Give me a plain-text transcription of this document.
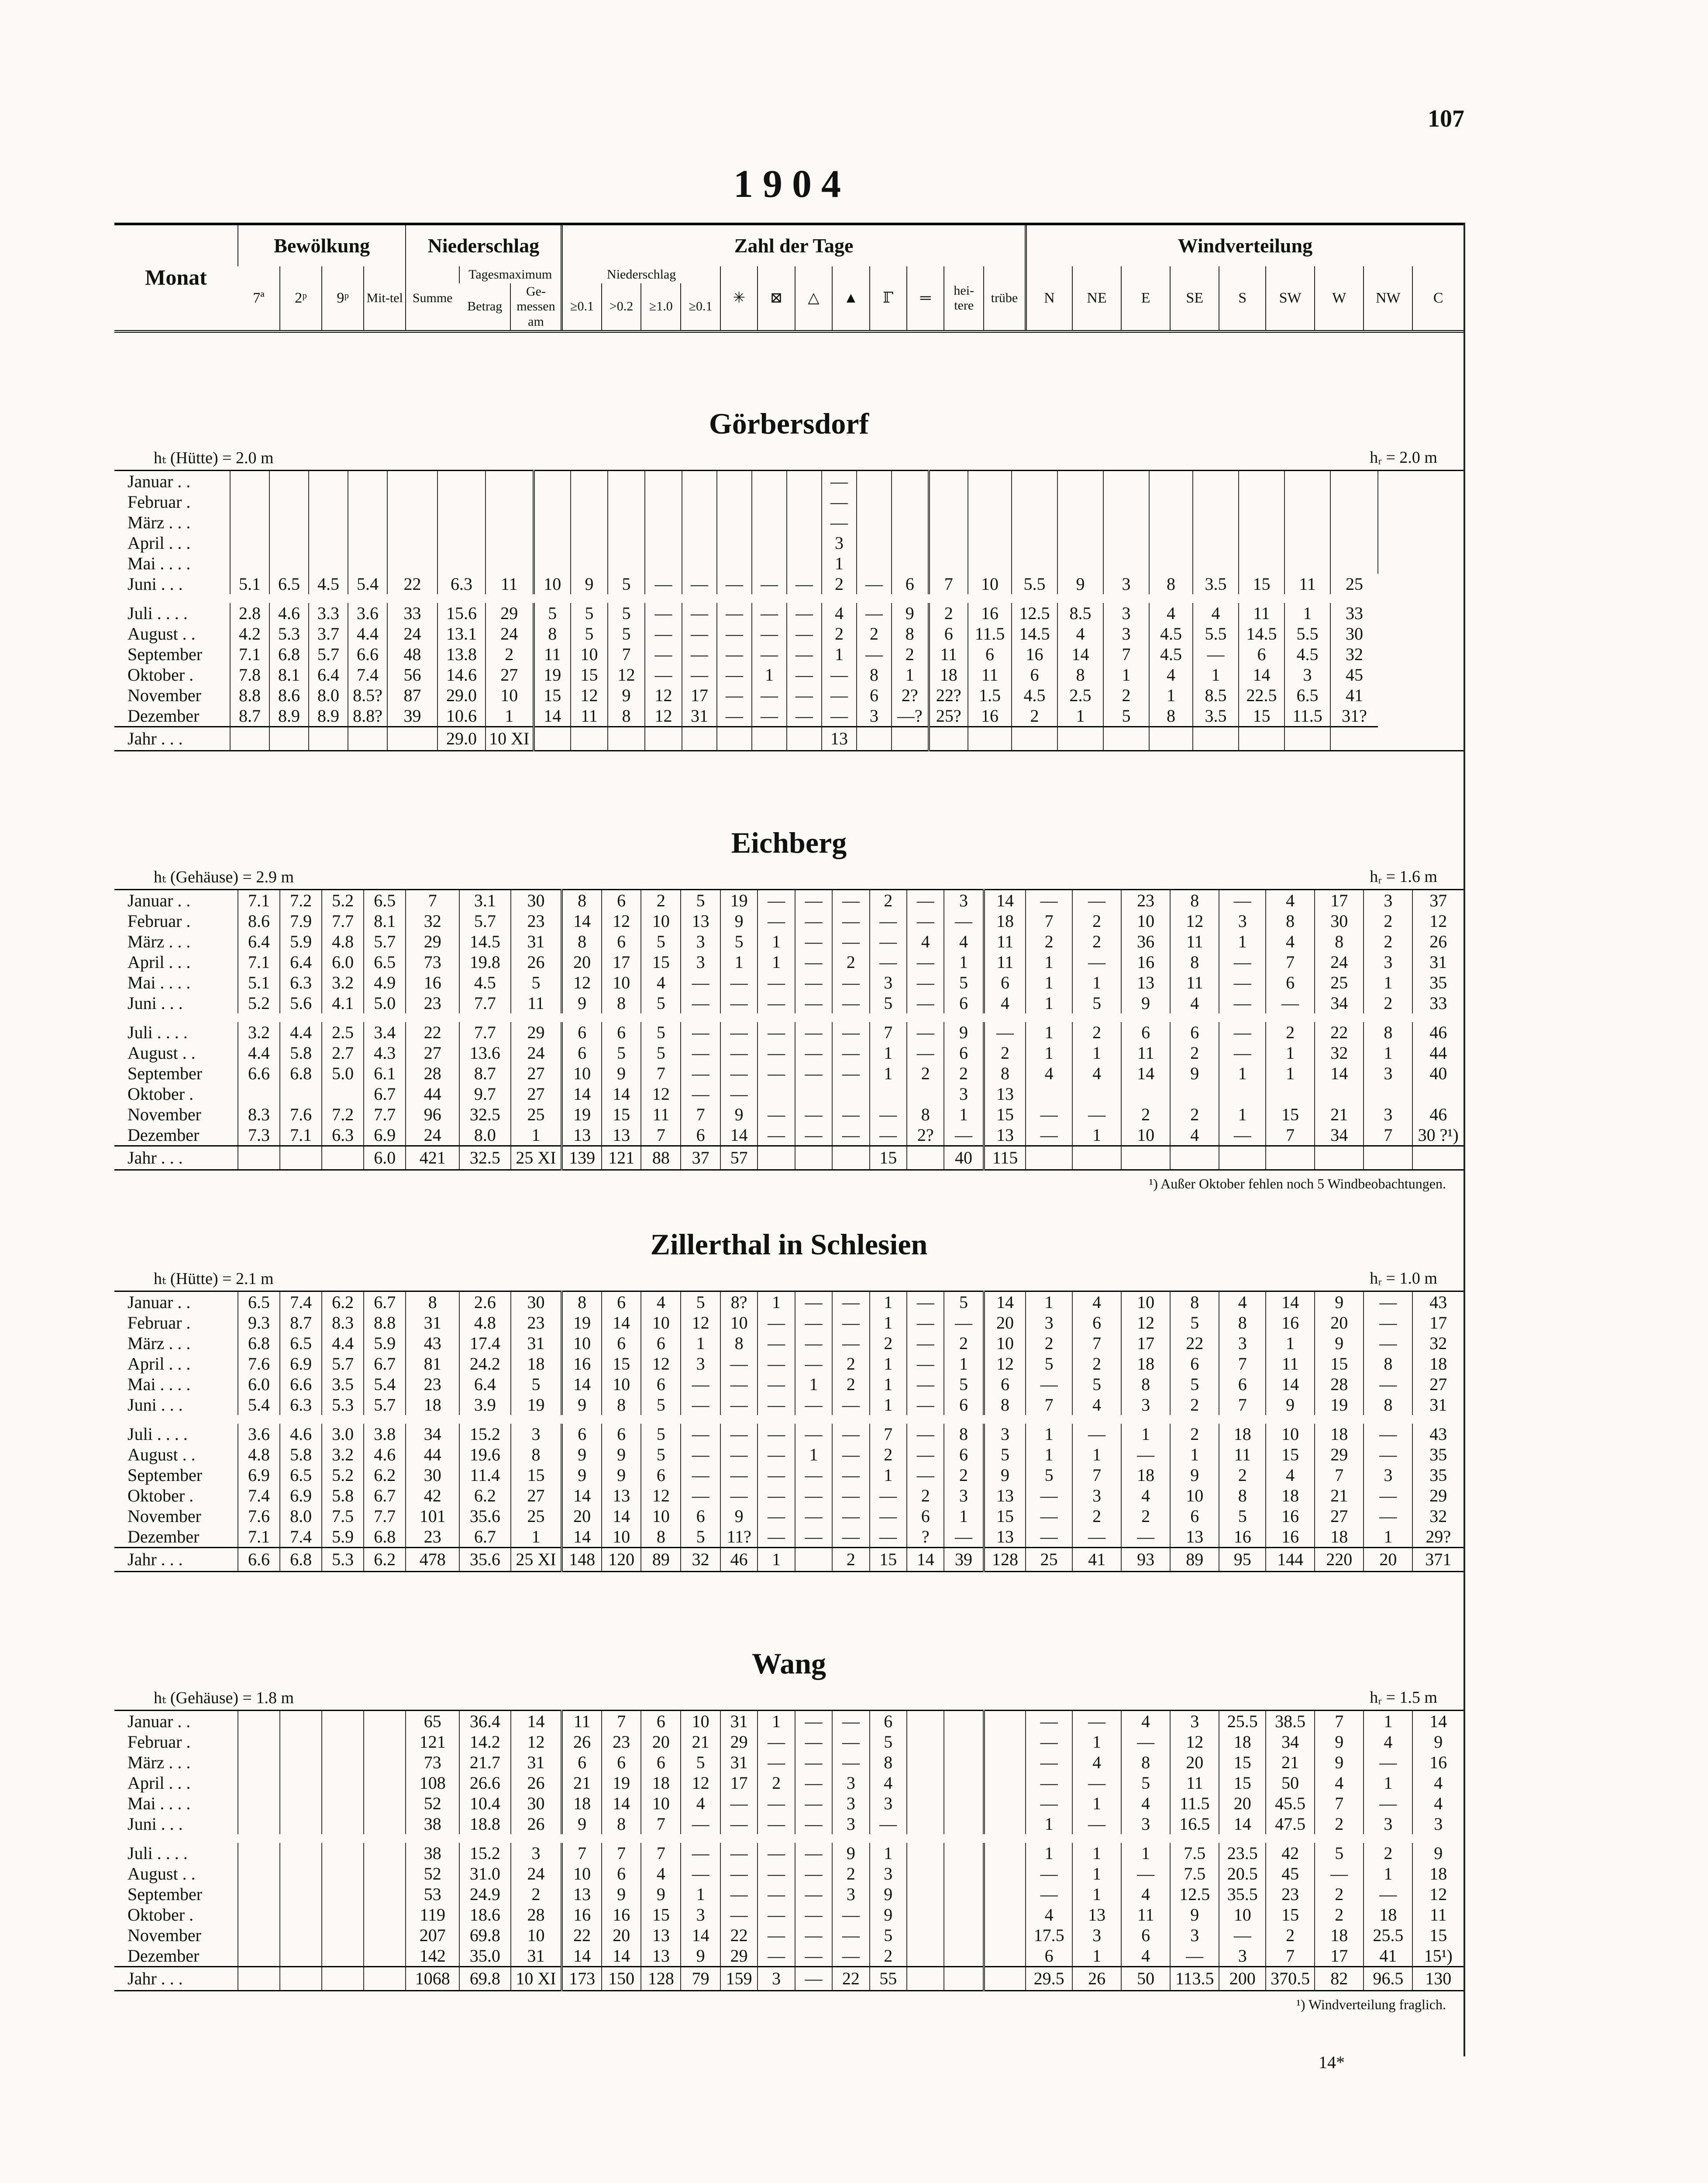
107
1904
Monat	Bewölkung				Niederschlag			Zahl der Tage												Windverteilung								
	7ª	2ᵖ	9ᵖ	Mit-tel	Summe	Tagesmaximum		Niederschlag				✳	⊠	△	▲	ℾ	═	hei-tere	trübe	N	NE	E	SE	S	SW	W	NW	C
						Betrag	Ge-messen am	≥0.1	>0.2	≥1.0	≥0.1																	
Görbersdorf
hₜ (Hütte) = 2.0 m	hᵣ = 2.0 m
Januar . .																—													
Februar .																—													
März . . .																—													
April . . .																3													
Mai . . . .																1													
Juni . . .	5.1	6.5	4.5	5.4	22	6.3	11	10	9	5	—	—	—	—	—	2	—	6	7	10	5.5	9	3	8	3.5	15	11	25	
Juli . . . .	2.8	4.6	3.3	3.6	33	15.6	29	5	5	5	—	—	—	—	—	4	—	9	2	16	12.5	8.5	3	4	4	11	1	33	
August . .	4.2	5.3	3.7	4.4	24	13.1	24	8	5	5	—	—	—	—	—	2	2	8	6	11.5	14.5	4	3	4.5	5.5	14.5	5.5	30	
September	7.1	6.8	5.7	6.6	48	13.8	2	11	10	7	—	—	—	—	—	1	—	2	11	6	16	14	7	4.5	—	6	4.5	32	
Oktober .	7.8	8.1	6.4	7.4	56	14.6	27	19	15	12	—	—	—	1	—	—	8	1	18	11	6	8	1	4	1	14	3	45	
November	8.8	8.6	8.0	8.5?	87	29.0	10	15	12	9	12	17	—	—	—	—	6	2?	22?	1.5	4.5	2.5	2	1	8.5	22.5	6.5	41	
Dezember	8.7	8.9	8.9	8.8?	39	10.6	1	14	11	8	12	31	—	—	—	—	3	—?	25?	16	2	1	5	8	3.5	15	11.5	31?	
Jahr . . .						29.0	10 XI									13													
Eichberg
hₜ (Gehäuse) = 2.9 m	hᵣ = 1.6 m
Januar . .	7.1	7.2	5.2	6.5	7	3.1	30	8	6	2	5	19	—	—	—	2	—	3	14	—	—	23	8	—	4	17	3	37
Februar .	8.6	7.9	7.7	8.1	32	5.7	23	14	12	10	13	9	—	—	—	—	—	—	18	7	2	10	12	3	8	30	2	12
März . . .	6.4	5.9	4.8	5.7	29	14.5	31	8	6	5	3	5	1	—	—	—	4	4	11	2	2	36	11	1	4	8	2	26
April . . .	7.1	6.4	6.0	6.5	73	19.8	26	20	17	15	3	1	1	—	2	—	—	1	11	1	—	16	8	—	7	24	3	31
Mai . . . .	5.1	6.3	3.2	4.9	16	4.5	5	12	10	4	—	—	—	—	—	3	—	5	6	1	1	13	11	—	6	25	1	35
Juni . . .	5.2	5.6	4.1	5.0	23	7.7	11	9	8	5	—	—	—	—	—	5	—	6	4	1	5	9	4	—	—	34	2	33
Juli . . . .	3.2	4.4	2.5	3.4	22	7.7	29	6	6	5	—	—	—	—	—	7	—	9	—	1	2	6	6	—	2	22	8	46
August . .	4.4	5.8	2.7	4.3	27	13.6	24	6	5	5	—	—	—	—	—	1	—	6	2	1	1	11	2	—	1	32	1	44
September	6.6	6.8	5.0	6.1	28	8.7	27	10	9	7	—	—	—	—	—	1	2	2	8	4	4	14	9	1	1	14	3	40
Oktober .				6.7	44	9.7	27	14	14	12	—	—						3	13									
November	8.3	7.6	7.2	7.7	96	32.5	25	19	15	11	7	9	—	—	—	—	8	1	15	—	—	2	2	1	15	21	3	46
Dezember	7.3	7.1	6.3	6.9	24	8.0	1	13	13	7	6	14	—	—	—	—	2?	—	13	—	1	10	4	—	7	34	7	30 ?¹)
Jahr . . .				6.0	421	32.5	25 XI	139	121	88	37	57				15		40	115									
¹) Außer Oktober fehlen noch 5 Windbeobachtungen.
Zillerthal in Schlesien
hₜ (Hütte) = 2.1 m	hᵣ = 1.0 m
Januar . .	6.5	7.4	6.2	6.7	8	2.6	30	8	6	4	5	8?	1	—	—	1	—	5	14	1	4	10	8	4	14	9	—	43
Februar .	9.3	8.7	8.3	8.8	31	4.8	23	19	14	10	12	10	—	—	—	1	—	—	20	3	6	12	5	8	16	20	—	17
März . . .	6.8	6.5	4.4	5.9	43	17.4	31	10	6	6	1	8	—	—	—	2	—	2	10	2	7	17	22	3	1	9	—	32
April . . .	7.6	6.9	5.7	6.7	81	24.2	18	16	15	12	3	—	—	—	2	1	—	1	12	5	2	18	6	7	11	15	8	18
Mai . . . .	6.0	6.6	3.5	5.4	23	6.4	5	14	10	6	—	—	—	1	2	1	—	5	6	—	5	8	5	6	14	28	—	27
Juni . . .	5.4	6.3	5.3	5.7	18	3.9	19	9	8	5	—	—	—	—	—	1	—	6	8	7	4	3	2	7	9	19	8	31
Juli . . . .	3.6	4.6	3.0	3.8	34	15.2	3	6	6	5	—	—	—	—	—	7	—	8	3	1	—	1	2	18	10	18	—	43
August . .	4.8	5.8	3.2	4.6	44	19.6	8	9	9	5	—	—	—	1	—	2	—	6	5	1	1	—	1	11	15	29	—	35
September	6.9	6.5	5.2	6.2	30	11.4	15	9	9	6	—	—	—	—	—	1	—	2	9	5	7	18	9	2	4	7	3	35
Oktober .	7.4	6.9	5.8	6.7	42	6.2	27	14	13	12	—	—	—	—	—	—	2	3	13	—	3	4	10	8	18	21	—	29
November	7.6	8.0	7.5	7.7	101	35.6	25	20	14	10	6	9	—	—	—	—	6	1	15	—	2	2	6	5	16	27	—	32
Dezember	7.1	7.4	5.9	6.8	23	6.7	1	14	10	8	5	11?	—	—	—	—	?	—	13	—	—	—	13	16	16	18	1	29?
Jahr . . .	6.6	6.8	5.3	6.2	478	35.6	25 XI	148	120	89	32	46	1		2	15	14	39	128	25	41	93	89	95	144	220	20	371
Wang
hₜ (Gehäuse) = 1.8 m	hᵣ = 1.5 m
Januar . .					65	36.4	14	11	7	6	10	31	1	—	—	6				—	—	4	3	25.5	38.5	7	1	14
Februar .					121	14.2	12	26	23	20	21	29	—	—	—	5				—	1	—	12	18	34	9	4	9
März . . .					73	21.7	31	6	6	6	5	31	—	—	—	8				—	4	8	20	15	21	9	—	16
April . . .					108	26.6	26	21	19	18	12	17	2	—	3	4				—	—	5	11	15	50	4	1	4
Mai . . . .					52	10.4	30	18	14	10	4	—	—	—	3	3				—	1	4	11.5	20	45.5	7	—	4
Juni . . .					38	18.8	26	9	8	7	—	—	—	—	3	—				1	—	3	16.5	14	47.5	2	3	3
Juli . . . .					38	15.2	3	7	7	7	—	—	—	—	9	1				1	1	1	7.5	23.5	42	5	2	9
August . .					52	31.0	24	10	6	4	—	—	—	—	2	3				—	1	—	7.5	20.5	45	—	1	18
September					53	24.9	2	13	9	9	1	—	—	—	3	9				—	1	4	12.5	35.5	23	2	—	12
Oktober .					119	18.6	28	16	16	15	3	—	—	—	—	9				4	13	11	9	10	15	2	18	11
November					207	69.8	10	22	20	13	14	22	—	—	—	5				17.5	3	6	3	—	2	18	25.5	15
Dezember					142	35.0	31	14	14	13	9	29	—	—	—	2				6	1	4	—	3	7	17	41	15¹)
Jahr . . .					1068	69.8	10 XI	173	150	128	79	159	3	—	22	55				29.5	26	50	113.5	200	370.5	82	96.5	130
¹) Windverteilung fraglich.
14*
